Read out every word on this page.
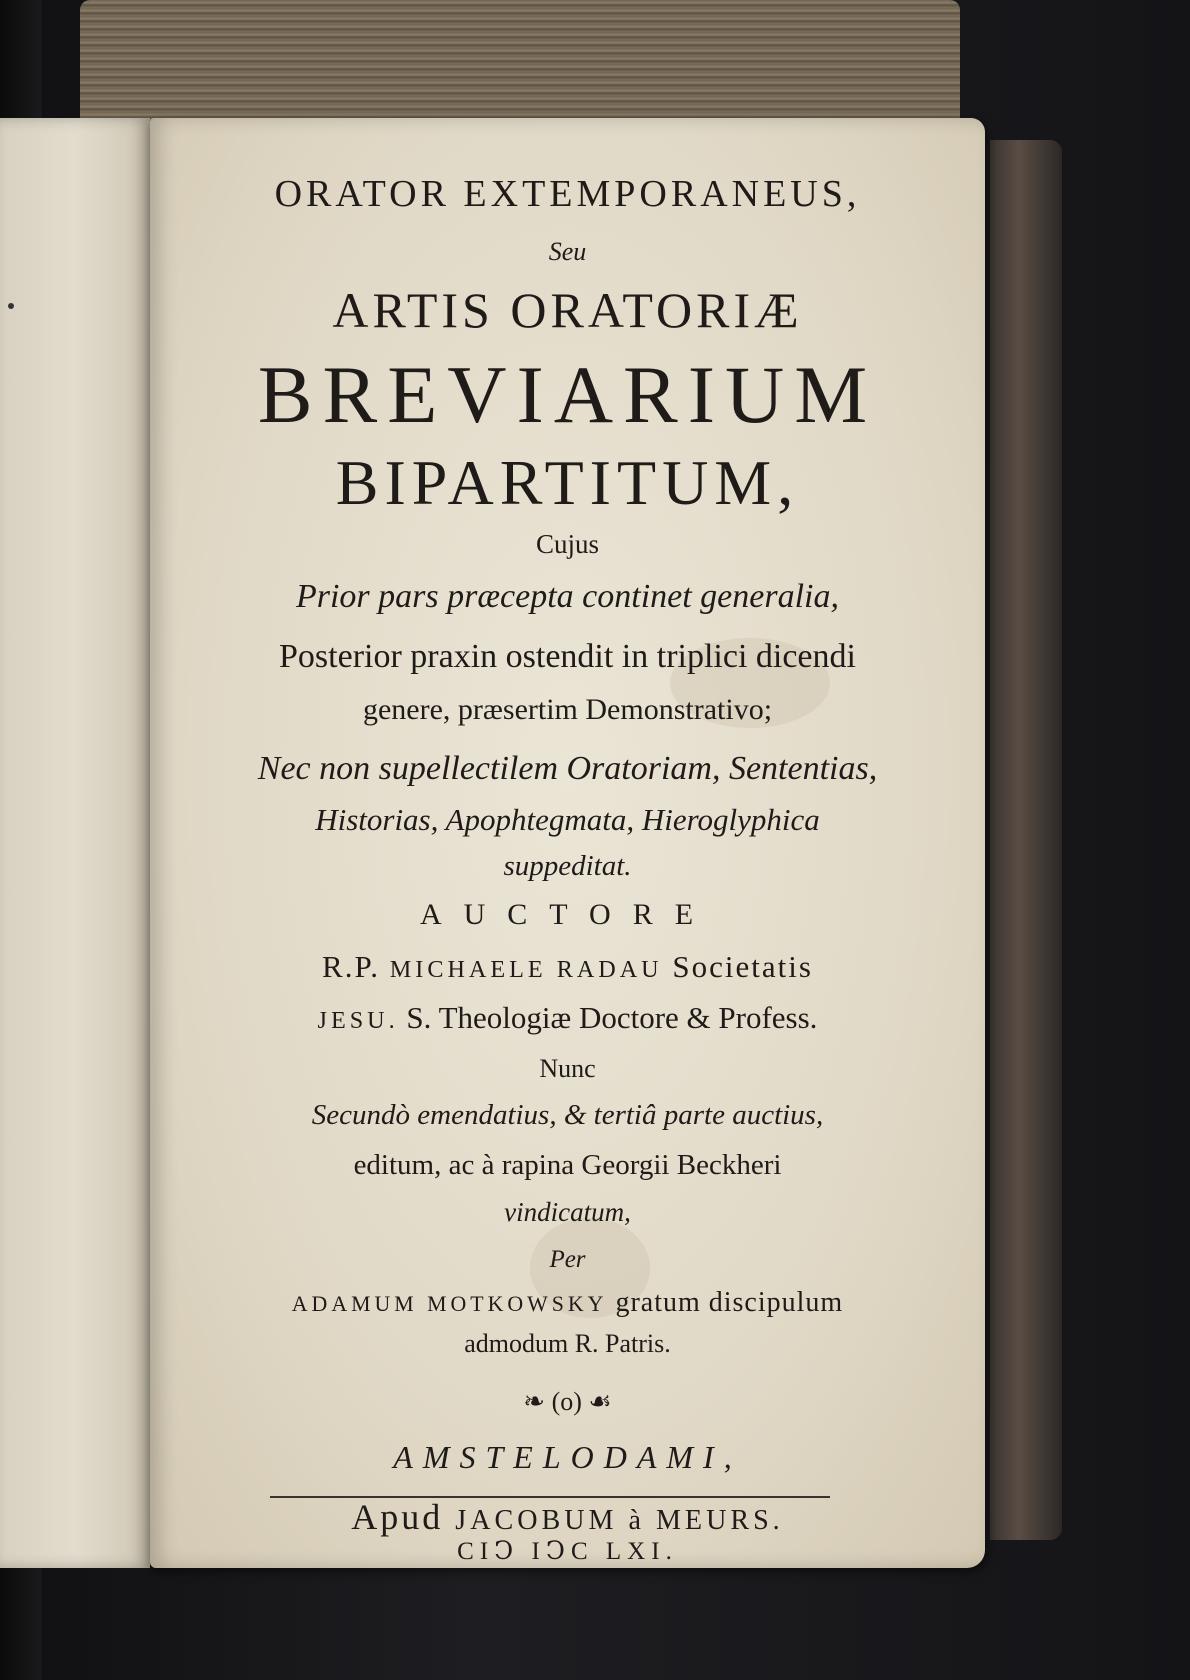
ORATOR EXTEMPORANEUS,
Seu
ARTIS ORATORIÆ
BREVIARIUM
BIPARTITUM,
Cujus
Prior pars præcepta continet generalia,
Posterior praxin ostendit in triplici dicendi
genere, præsertim Demonstrativo;
Nec non supellectilem Oratoriam, Sententias,
Historias, Apophtegmata, Hieroglyphica
suppeditat.
AUCTORE
R.P. MICHAELE RADAU Societatis
JESU. S. Theologiæ Doctore & Profess.
Nunc
Secundò emendatius, & tertiâ parte auctius,
editum, ac à rapina Georgii Beckheri
vindicatum,
Per
ADAMUM MOTKOWSKY gratum discipulum
admodum R. Patris.
❧ (o) ☙
AMSTELODAMI,
Apud JACOBUM à MEURS.
CIↃ IↃC LXI.
